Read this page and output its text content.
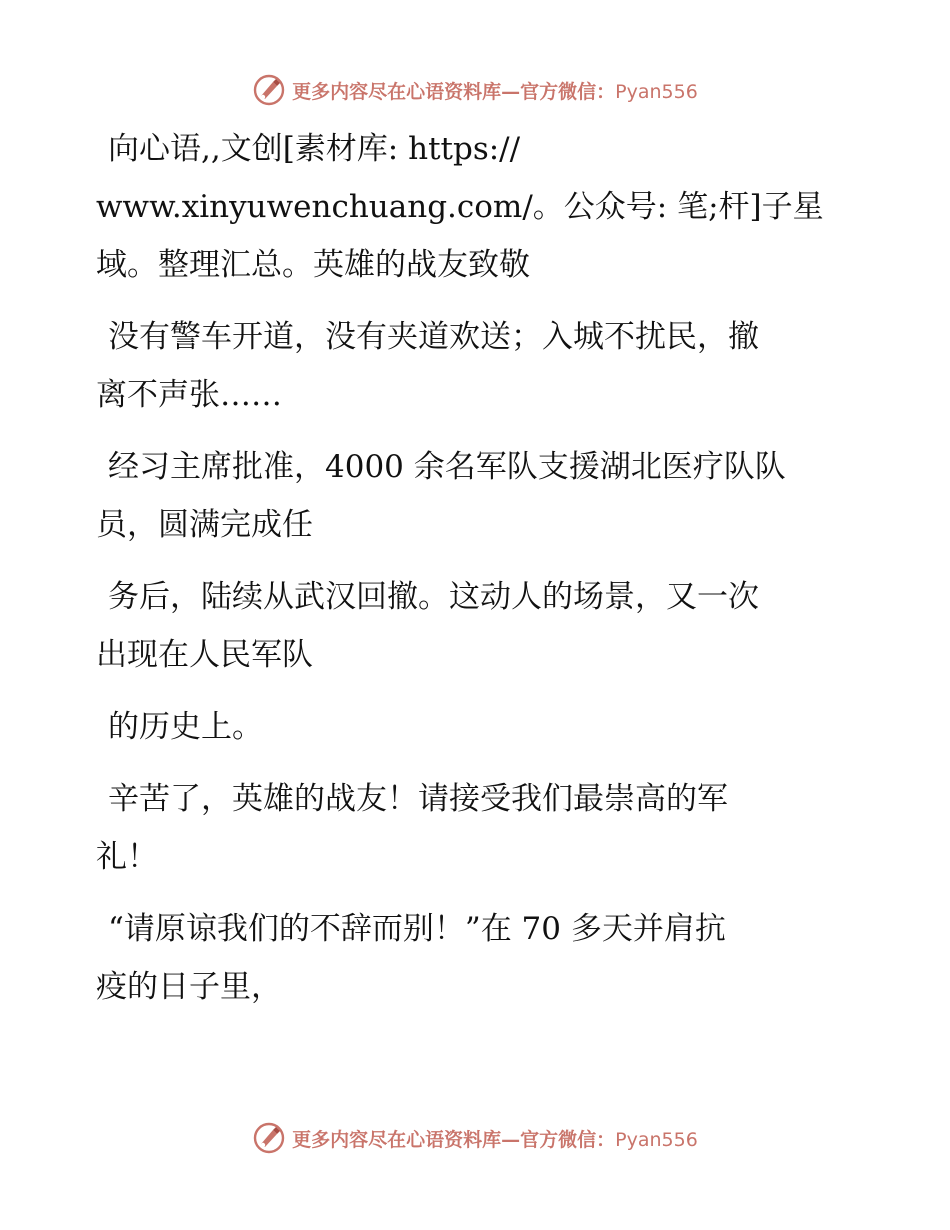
更多内容尽在心语资料库—官方微信：Pyan556
向心语,,文创[素材库: https://
www.xinyuwenchuang.com/。公众号: 笔;杆]子星
域。整理汇总。英雄的战友致敬
没有警车开道，没有夹道欢送；入城不扰民，撤
离不声张……
经习主席批准，4000 余名军队支援湖北医疗队队
员，圆满完成任
务后，陆续从武汉回撤。这动人的场景，又一次
出现在人民军队
的历史上。
辛苦了，英雄的战友！请接受我们最崇高的军
礼！
“请原谅我们的不辞而别！”在 70 多天并肩抗
疫的日子里，
更多内容尽在心语资料库—官方微信：Pyan556
